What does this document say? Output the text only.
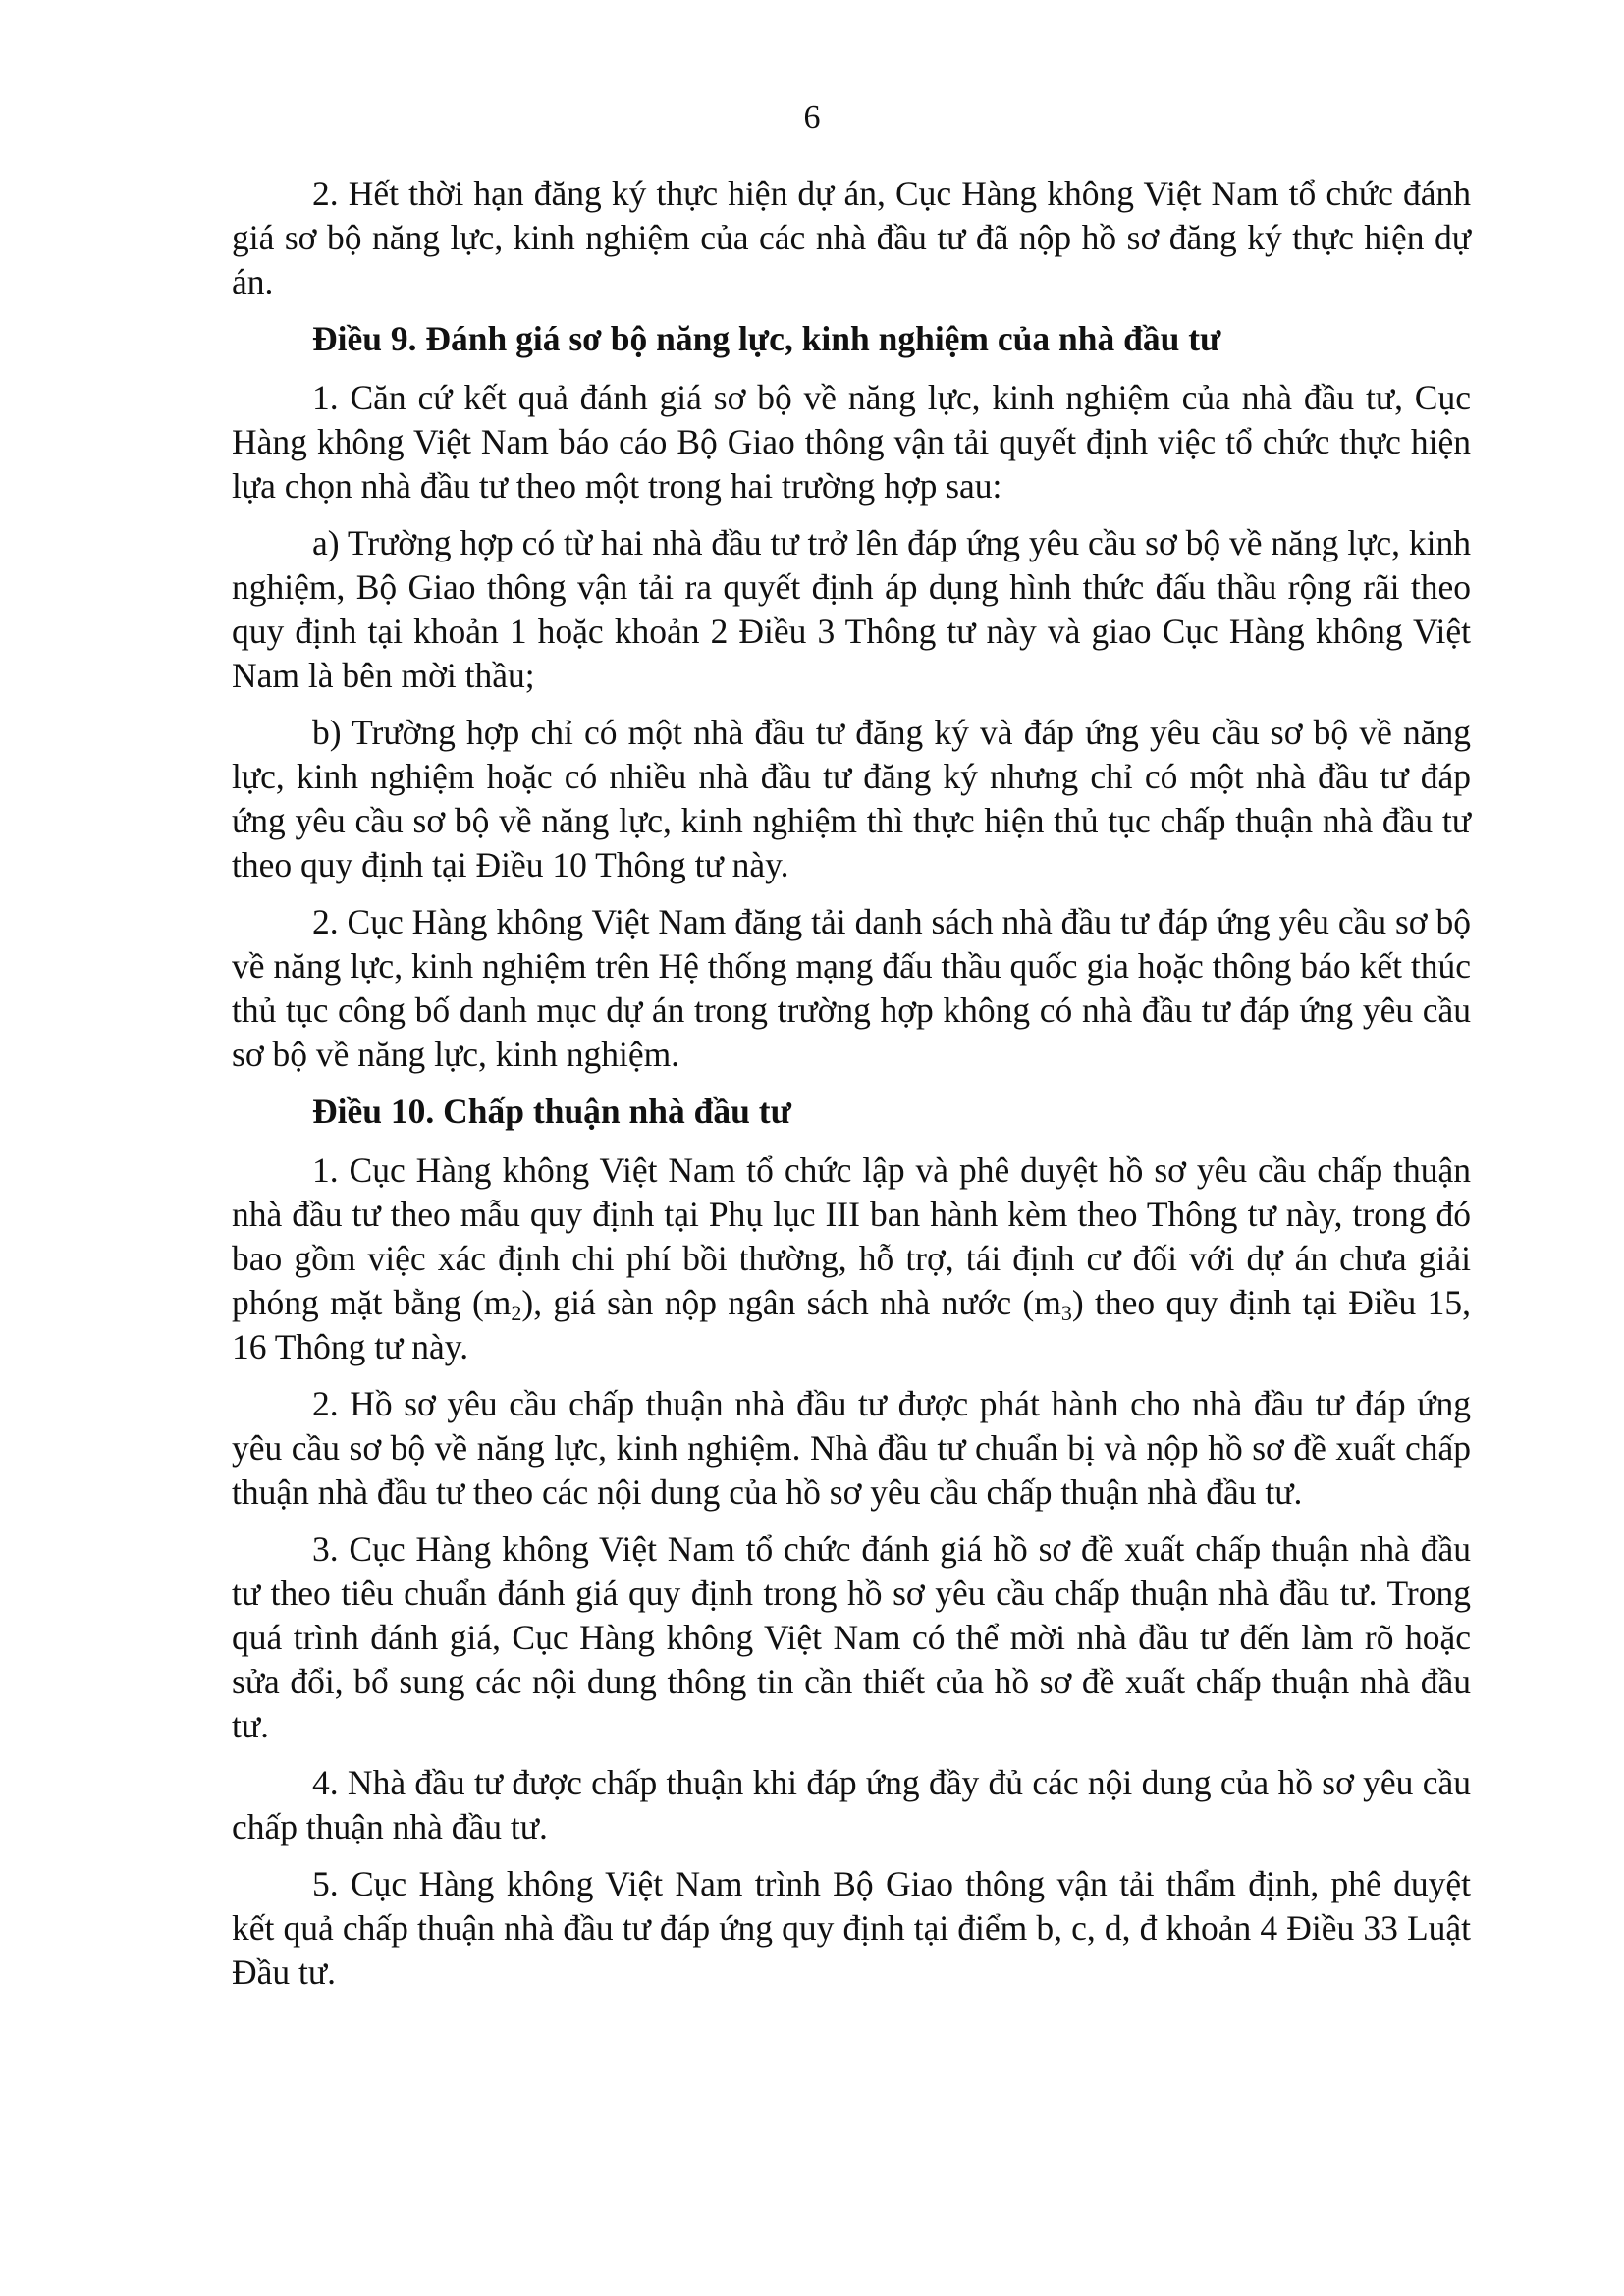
6

2. Hết thời hạn đăng ký thực hiện dự án, Cục Hàng không Việt Nam tổ chức đánh giá sơ bộ năng lực, kinh nghiệm của các nhà đầu tư đã nộp hồ sơ đăng ký thực hiện dự án.

Điều 9. Đánh giá sơ bộ năng lực, kinh nghiệm của nhà đầu tư

1. Căn cứ kết quả đánh giá sơ bộ về năng lực, kinh nghiệm của nhà đầu tư, Cục Hàng không Việt Nam báo cáo Bộ Giao thông vận tải quyết định việc tổ chức thực hiện lựa chọn nhà đầu tư theo một trong hai trường hợp sau:

a) Trường hợp có từ hai nhà đầu tư trở lên đáp ứng yêu cầu sơ bộ về năng lực, kinh nghiệm, Bộ Giao thông vận tải ra quyết định áp dụng hình thức đấu thầu rộng rãi theo quy định tại khoản 1 hoặc khoản 2 Điều 3 Thông tư này và giao Cục Hàng không Việt Nam là bên mời thầu;

b) Trường hợp chỉ có một nhà đầu tư đăng ký và đáp ứng yêu cầu sơ bộ về năng lực, kinh nghiệm hoặc có nhiều nhà đầu tư đăng ký nhưng chỉ có một nhà đầu tư đáp ứng yêu cầu sơ bộ về năng lực, kinh nghiệm thì thực hiện thủ tục chấp thuận nhà đầu tư theo quy định tại Điều 10 Thông tư này.

2. Cục Hàng không Việt Nam đăng tải danh sách nhà đầu tư đáp ứng yêu cầu sơ bộ về năng lực, kinh nghiệm trên Hệ thống mạng đấu thầu quốc gia hoặc thông báo kết thúc thủ tục công bố danh mục dự án trong trường hợp không có nhà đầu tư đáp ứng yêu cầu sơ bộ về năng lực, kinh nghiệm.

Điều 10. Chấp thuận nhà đầu tư

1. Cục Hàng không Việt Nam tổ chức lập và phê duyệt hồ sơ yêu cầu chấp thuận nhà đầu tư theo mẫu quy định tại Phụ lục III ban hành kèm theo Thông tư này, trong đó bao gồm việc xác định chi phí bồi thường, hỗ trợ, tái định cư đối với dự án chưa giải phóng mặt bằng $(m_2)$, giá sàn nộp ngân sách nhà nước $(m_3)$ theo quy định tại Điều 15, 16 Thông tư này.

2. Hồ sơ yêu cầu chấp thuận nhà đầu tư được phát hành cho nhà đầu tư đáp ứng yêu cầu sơ bộ về năng lực, kinh nghiệm. Nhà đầu tư chuẩn bị và nộp hồ sơ đề xuất chấp thuận nhà đầu tư theo các nội dung của hồ sơ yêu cầu chấp thuận nhà đầu tư.

3. Cục Hàng không Việt Nam tổ chức đánh giá hồ sơ đề xuất chấp thuận nhà đầu tư theo tiêu chuẩn đánh giá quy định trong hồ sơ yêu cầu chấp thuận nhà đầu tư. Trong quá trình đánh giá, Cục Hàng không Việt Nam có thể mời nhà đầu tư đến làm rõ hoặc sửa đổi, bổ sung các nội dung thông tin cần thiết của hồ sơ đề xuất chấp thuận nhà đầu tư.

4. Nhà đầu tư được chấp thuận khi đáp ứng đầy đủ các nội dung của hồ sơ yêu cầu chấp thuận nhà đầu tư.

5. Cục Hàng không Việt Nam trình Bộ Giao thông vận tải thẩm định, phê duyệt kết quả chấp thuận nhà đầu tư đáp ứng quy định tại điểm b, c, d, đ khoản 4 Điều 33 Luật Đầu tư.
